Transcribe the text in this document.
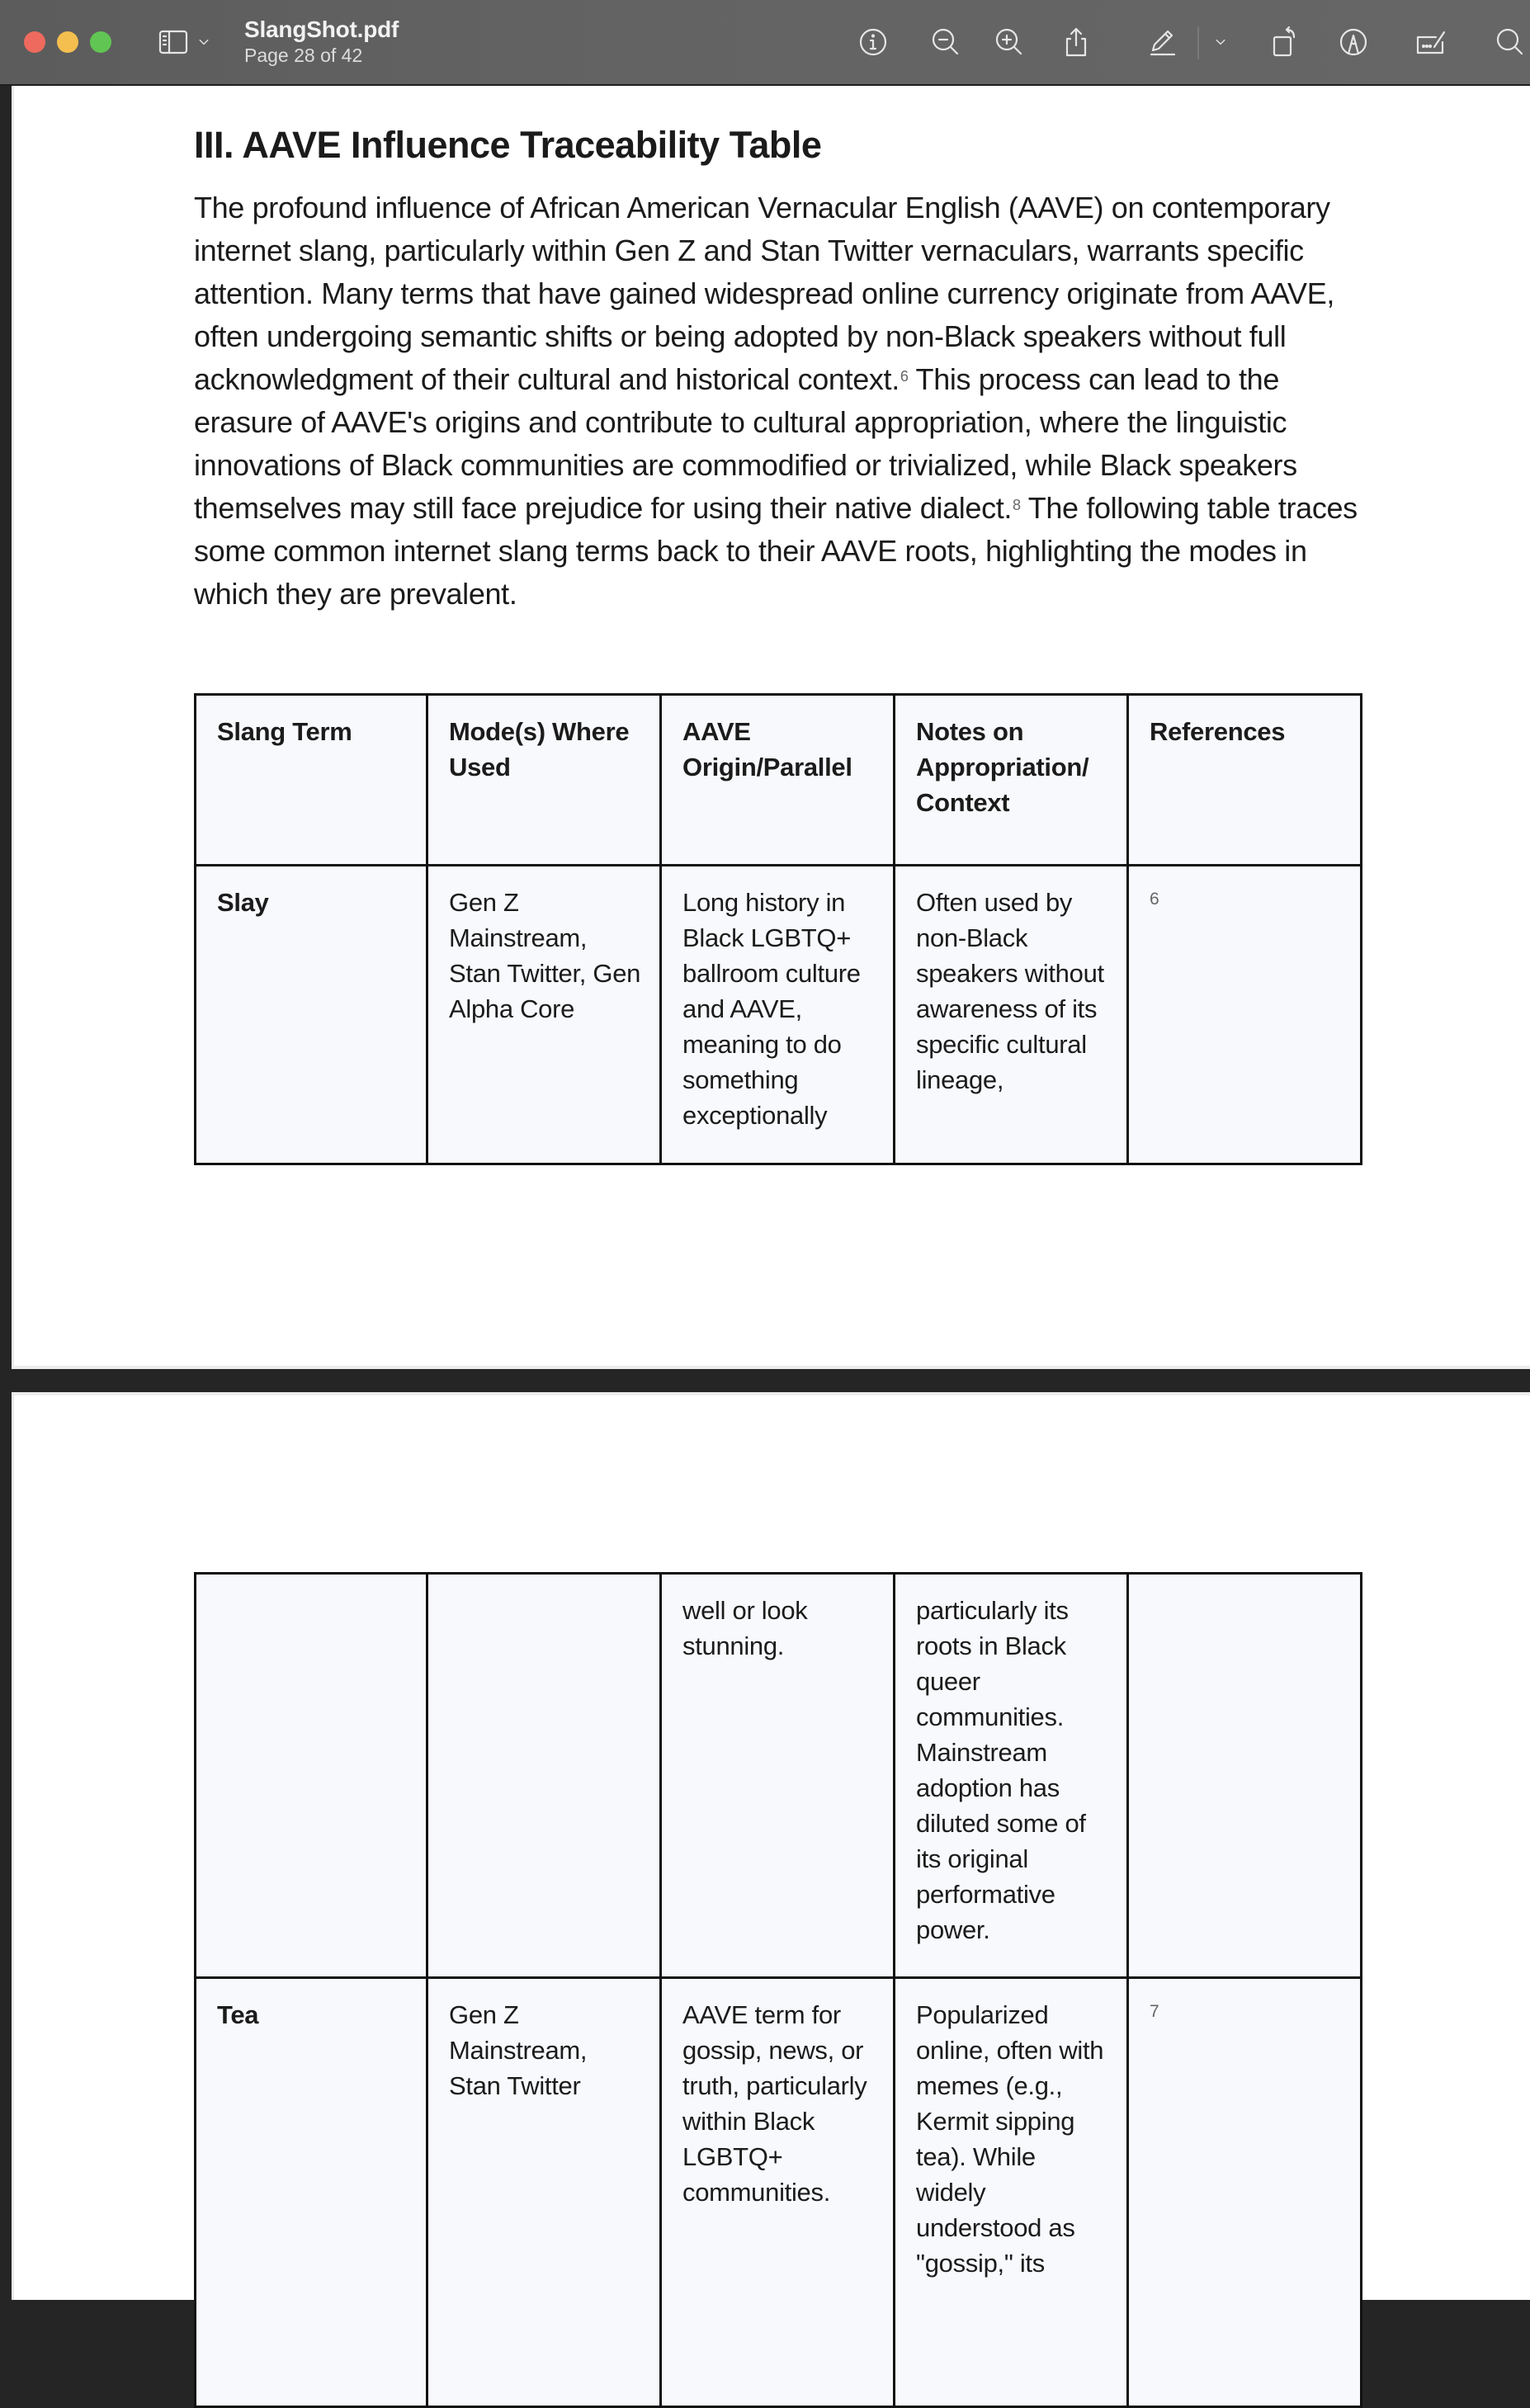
SlangShot.pdf
Page 28 of 42
III. AAVE Influence Traceability Table

The profound influence of African American Vernacular English (AAVE) on contemporary internet slang, particularly within Gen Z and Stan Twitter vernaculars, warrants specific attention. Many terms that have gained widespread online currency originate from AAVE, often undergoing semantic shifts or being adopted by non-Black speakers without full acknowledgment of their cultural and historical context.$^6$ This process can lead to the erasure of AAVE's origins and contribute to cultural appropriation, where the linguistic innovations of Black communities are commodified or trivialized, while Black speakers themselves may still face prejudice for using their native dialect.$^8$ The following table traces some common internet slang terms back to their AAVE roots, highlighting the modes in which they are prevalent.

Slang Term	Mode(s) Where Used	AAVE Origin/Parallel	Notes on Appropriation/ Context	References
Slay	Gen Z Mainstream, Stan Twitter, Gen Alpha Core	Long history in Black LGBTQ+ ballroom culture and AAVE, meaning to do something exceptionally	Often used by non-Black speakers without awareness of its specific cultural lineage,	6
		well or look stunning.	particularly its roots in Black queer communities. Mainstream adoption has diluted some of its original performative power.	
Tea	Gen Z Mainstream, Stan Twitter	AAVE term for gossip, news, or truth, particularly within Black LGBTQ+ communities.	Popularized online, often with memes (e.g., Kermit sipping tea). While widely understood as "gossip," its	7
